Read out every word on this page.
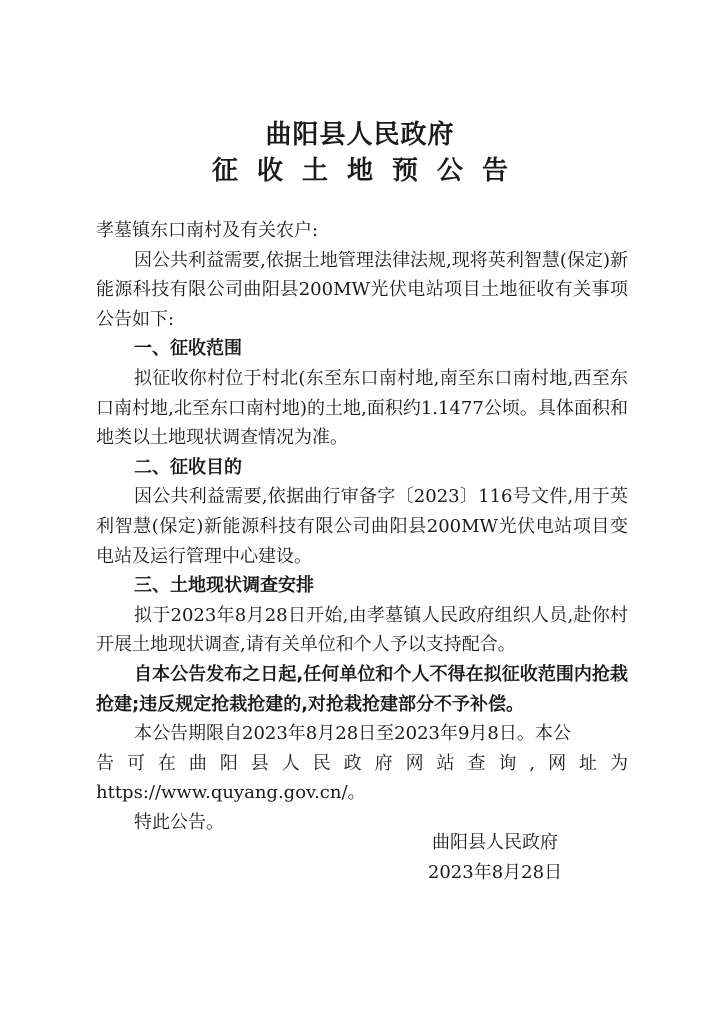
曲阳县人民政府
征收土地预公告

孝墓镇东口南村及有关农户:

因公共利益需要,依据土地管理法律法规,现将英利智慧(保定)新能源科技有限公司曲阳县200MW光伏电站项目土地征收有关事项公告如下:

一、征收范围

拟征收你村位于村北(东至东口南村地,南至东口南村地,西至东口南村地,北至东口南村地)的土地,面积约1.1477公顷。具体面积和地类以土地现状调查情况为准。

二、征收目的

因公共利益需要,依据曲行审备字〔2023〕116号文件,用于英利智慧(保定)新能源科技有限公司曲阳县200MW光伏电站项目变电站及运行管理中心建设。

三、土地现状调查安排

拟于2023年8月28日开始,由孝墓镇人民政府组织人员,赴你村开展土地现状调查,请有关单位和个人予以支持配合。

自本公告发布之日起,任何单位和个人不得在拟征收范围内抢栽抢建;违反规定抢栽抢建的,对抢栽抢建部分不予补偿。

本公告期限自2023年8月28日至2023年9月8日。本公

告可在曲阳县人民政府网站查询,网址为

https://www.quyang.gov.cn/。

特此公告。

曲阳县人民政府
2023年8月28日
